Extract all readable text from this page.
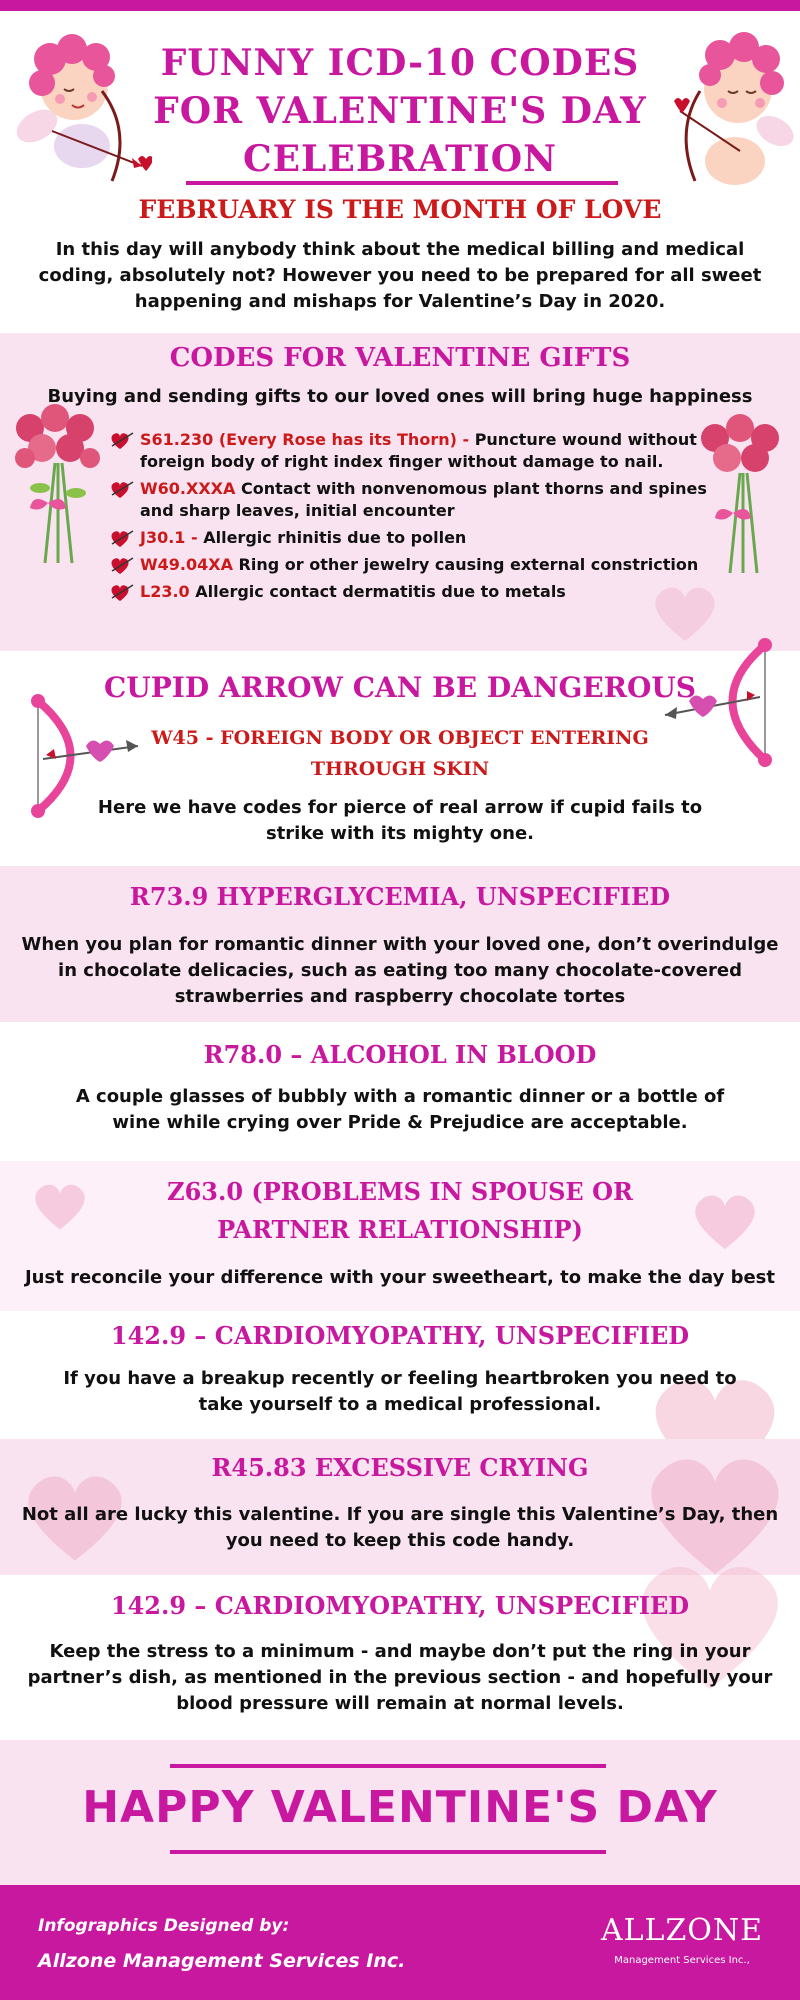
FUNNY ICD-10 CODES FOR VALENTINE'S DAY CELEBRATION
FEBRUARY IS THE MONTH OF LOVE
In this day will anybody think about the medical billing and medical coding, absolutely not? However you need to be prepared for all sweet happening and mishaps for Valentine’s Day in 2020.
CODES FOR VALENTINE GIFTS
Buying and sending gifts to our loved ones will bring huge happiness
S61.230 (Every Rose has its Thorn) - Puncture wound without foreign body of right index finger without damage to nail.
W60.XXXA Contact with nonvenomous plant thorns and spines and sharp leaves, initial encounter
J30.1 - Allergic rhinitis due to pollen
W49.04XA Ring or other jewelry causing external constriction
L23.0 Allergic contact dermatitis due to metals
CUPID ARROW CAN BE DANGEROUS
W45 - FOREIGN BODY OR OBJECT ENTERING THROUGH SKIN
Here we have codes for pierce of real arrow if cupid fails to strike with its mighty one.
R73.9 HYPERGLYCEMIA, UNSPECIFIED
When you plan for romantic dinner with your loved one, don’t overindulge in chocolate delicacies, such as eating too many chocolate-covered strawberries and raspberry chocolate tortes
R78.0 – ALCOHOL IN BLOOD
A couple glasses of bubbly with a romantic dinner or a bottle of wine while crying over Pride & Prejudice are acceptable.
Z63.0 (PROBLEMS IN SPOUSE OR PARTNER RELATIONSHIP)
Just reconcile your difference with your sweetheart, to make the day best
142.9 – CARDIOMYOPATHY, UNSPECIFIED
If you have a breakup recently or feeling heartbroken you need to take yourself to a medical professional.
R45.83 EXCESSIVE CRYING
Not all are lucky this valentine. If you are single this Valentine’s Day, then you need to keep this code handy.
142.9 – CARDIOMYOPATHY, UNSPECIFIED
Keep the stress to a minimum - and maybe don’t put the ring in your partner’s dish, as mentioned in the previous section - and hopefully your blood pressure will remain at normal levels.
HAPPY VALENTINE'S DAY
Infographics Designed by:
Allzone Management Services Inc.
ALLZONE
Management Services Inc.,
